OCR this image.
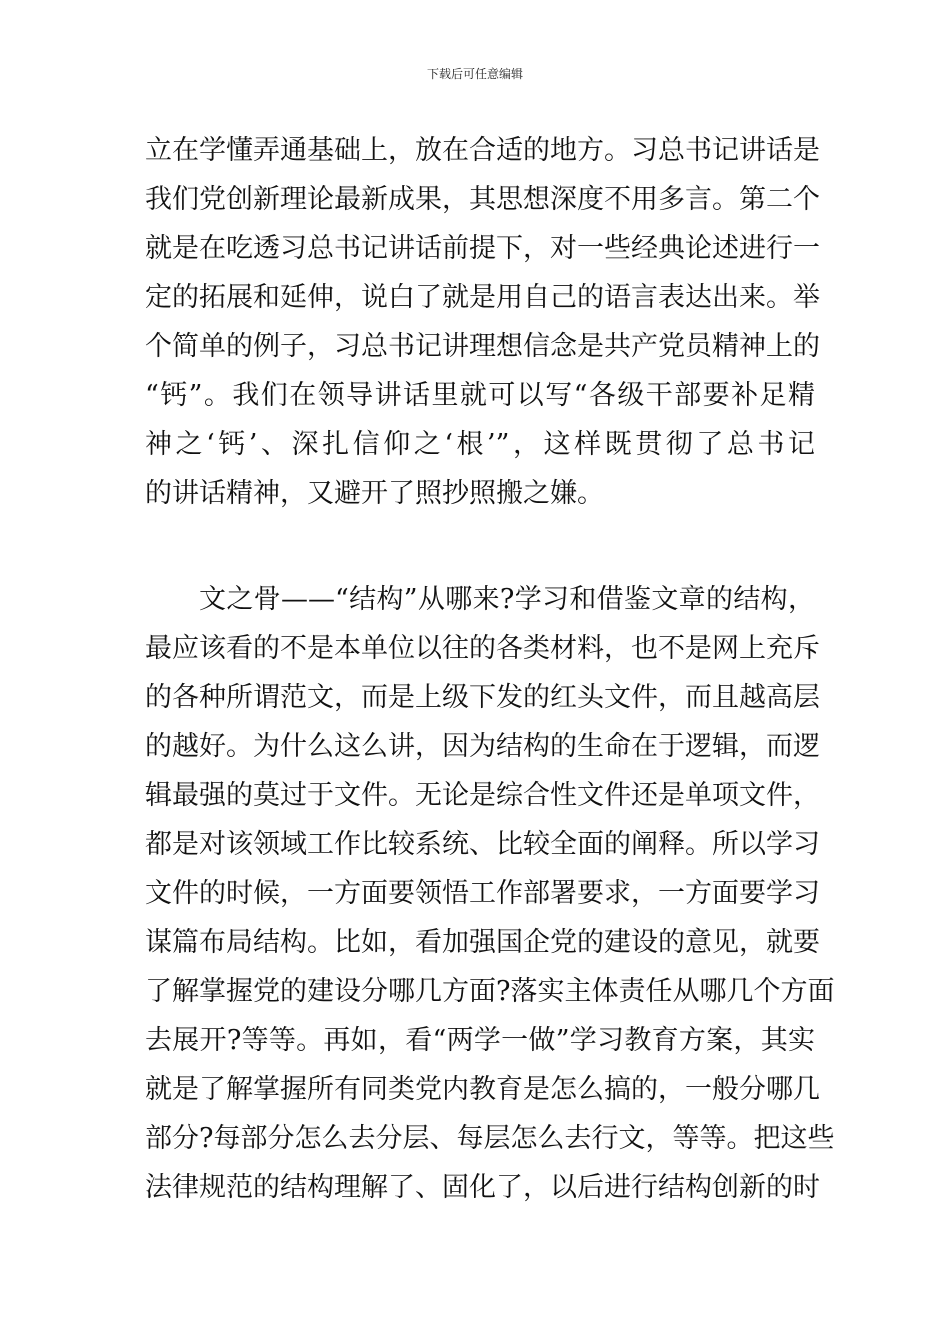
下载后可任意编辑
立在学懂弄通基础上，放在合适的地方。习总书记讲话是
我们党创新理论最新成果，其思想深度不用多言。第二个
就是在吃透习总书记讲话前提下，对一些经典论述进行一
定的拓展和延伸，说白了就是用自己的语言表达出来。举
个简单的例子，习总书记讲理想信念是共产党员精神上的
“钙”。我们在领导讲话里就可以写“各级干部要补足精
神之‘钙’、深扎信仰之‘根’”，这样既贯彻了总书记
的讲话精神，又避开了照抄照搬之嫌。
文之骨——“结构”从哪来?学习和借鉴文章的结构，
最应该看的不是本单位以往的各类材料，也不是网上充斥
的各种所谓范文，而是上级下发的红头文件，而且越高层
的越好。为什么这么讲，因为结构的生命在于逻辑，而逻
辑最强的莫过于文件。无论是综合性文件还是单项文件，
都是对该领域工作比较系统、比较全面的阐释。所以学习
文件的时候，一方面要领悟工作部署要求，一方面要学习
谋篇布局结构。比如，看加强国企党的建设的意见，就要
了解掌握党的建设分哪几方面?落实主体责任从哪几个方面
去展开?等等。再如，看“两学一做”学习教育方案，其实
就是了解掌握所有同类党内教育是怎么搞的，一般分哪几
部分?每部分怎么去分层、每层怎么去行文，等等。把这些
法律规范的结构理解了、固化了，以后进行结构创新的时
